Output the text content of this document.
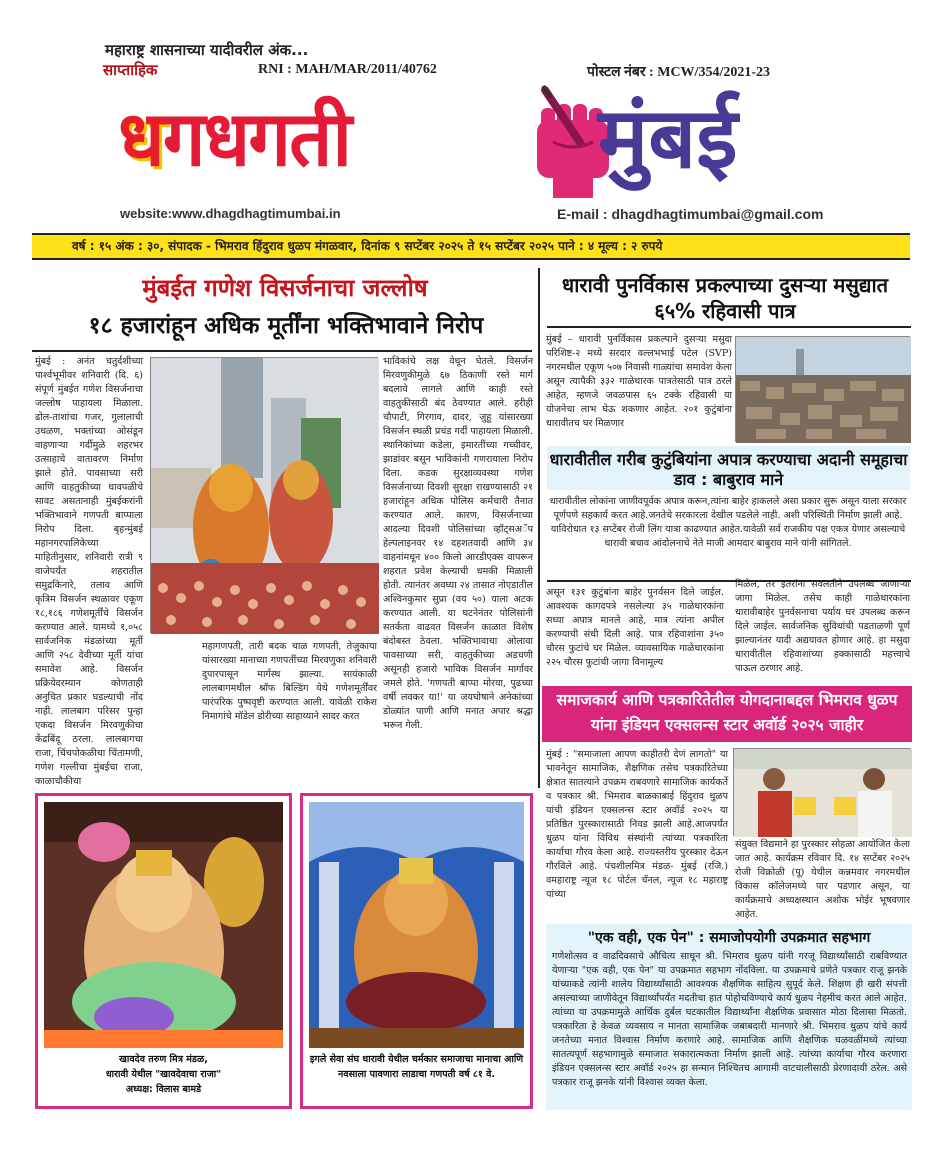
महाराष्ट्र शासनाच्या यादीवरील अंक...
साप्ताहिक	RNI : MAH/MAR/2011/40762	पोस्टल नंबर : MCW/354/2021-23
धगधगती	मुंबई
website:www.dhagdhagtimumbai.in	E-mail : dhagdhagtimumbai@gmail.com
वर्ष : १५ अंक : ३०, संपादक - भिमराव हिंदुराव धुळप मंगळवार, दिनांक ९ सप्टेंबर २०२५ ते १५ सप्टेंबर २०२५ पाने : ४ मूल्य : २ रुपये
मुंबईत गणेश विसर्जनाचा जल्लोष
१८ हजारांहून अधिक मूर्तींना भक्तिभावाने निरोप
मुंबई : अनंत चतुर्दशीच्या पार्श्वभूमीवर शनिवारी (दि. ६) संपूर्ण मुंबईत गणेश विसर्जनाचा जल्लोष पाहायला मिळाला. ढोल-ताशांचा गजर, गुलालाची उधळण, भक्तांच्या ओसंडून वाहणाऱ्या गर्दीमुळे शहरभर उत्साहाचे वातावरण निर्माण झाले होते. पावसाच्या सरी आणि वाहतुकीच्या धावपळीचे सावट असतानाही मुंबईकरांनी भक्तिभावाने गणपती बाप्पाला निरोप दिला. बृहन्मुंबई महानगरपालिकेच्या माहितीनुसार, शनिवारी रात्री ९ वाजेपर्यंत शहरातील समुद्रकिनारे, तलाव आणि कृत्रिम विसर्जन स्थळावर एकूण १८,१८६ गणेशमूर्तींचे विसर्जन करण्यात आले. यामध्ये १,०५८ सार्वजनिक मंडळांच्या मूर्ती आणि २५८ देवीच्या मूर्ती यांचा समावेश आहे. विसर्जन प्रक्रियेदरम्यान कोणताही अनुचित प्रकार घडल्याची नोंद नाही. लालबाग परिसर पुन्हा एकदा विसर्जन मिरवणुकीचा केंद्रबिंदू ठरला. लालबागचा राजा, चिंचपोकळीचा चिंतामणी, गणेश गल्लीचा मुंबईचा राजा, काळाचौकीचा
महागणपती, तारी बदक चाळ गणपती, तेजुकाया यांसारख्या मानाच्या गणपतींच्या मिरवणुका शनिवारी दुपारपासून मार्गस्थ झाल्या. सायंकाळी लालबागमधील श्रॉफ बिल्डिंग येथे गणेशमूर्तींवर पारंपरिक पुष्पवृष्टी करण्यात आली. यावेळी राकेश निमागांचे मॉडेल डोरीच्या साहाय्याने सादर करत
भाविकांचे लक्ष वेधून घेतले. विसर्जन मिरवणुकीमुळे ६७ ठिकाणी रस्ते मार्ग बदलावे लागले आणि काही रस्ते वाहतुकीसाठी बंद ठेवण्यात आले. हरीही चौपाटी, गिरगाव, दादर, जुहू यांसारख्या विसर्जन स्थळी प्रचंड गर्दी पाहायला मिळाली. स्थानिकांच्या कडेला, इमारतींच्या गच्चीवर, झाडांवर बसून भाविकांनी गणरायाला निरोप दिला. कडक सुरक्षाव्यवस्था गणेश विसर्जनाच्या दिवशी सुरक्षा राखण्यासाठी २१ हजारांहून अधिक पोलिस कर्मचारी तैनात करण्यात आले. कारण, विसर्जनाच्या आदल्या दिवशी पोलिसांच्या व्हॉट्सअॅप हेल्पलाइनवर १४ दहशतवादी आणि ३४ वाहनांमधून ४०० किलो आरडीएक्स वापरून शहरात प्रवेश केल्याची धमकी मिळाली होती. त्यानंतर अवघ्या २४ तासात नोएडातील अश्विनकुमार सुप्रा (वय ५०) याला अटक करण्यात आली. या घटनेनंतर पोलिसांनी सतर्कता वाढवत विसर्जन काळात विशेष बंदोबस्त ठेवला. भक्तिभावाचा ओलावा पावसाच्या सरी, वाहतुकीच्या अडचणी असूनही हजारो भाविक विसर्जन मार्गावर जमले होते. 'गणपती बाप्पा मोरया, पुढच्या वर्षी लवकर या!' या जयघोषाने अनेकांच्या डोळ्यांत पाणी आणि मनात अपार श्रद्धा भरून गेली.
खावदेव तरुण मित्र मंडळ,
धारावी येथील "खावदेवाचा राजा"
अध्यक्ष: विलास बामडे
इगले सेवा संघ धारावी येथील चर्मकार समाजाचा मानाचा आणि नवसाला पावणारा लाडाचा गणपती वर्ष ८१ वे.
धारावी पुनर्विकास प्रकल्पाच्या दुसऱ्या मसुद्यात ६५% रहिवासी पात्र
मुंबई – धारावी पुनर्विकास प्रकल्पाने दुसऱ्या मसुदा परिशिष्ट-२ मध्ये सरदार वल्लभभाई पटेल (SVP) नगरमधील एकूण ५०७ निवासी गाळ्यांचा समावेश केला असून त्यापैकी ३३२ गाळेधारक पात्रतेसाठी पात्र ठरले आहेत, म्हणजे जवळपास ६५ टक्के रहिवासी या योजनेचा लाभ घेऊ शकणार आहेत. २०१ कुटुंबांना धारावीतच घर मिळणार
धारावीतील गरीब कुटुंबियांना अपात्र करण्याचा अदानी समूहाचा डाव : बाबुराव माने
धारावीतील लोकांना जाणीवपूर्वक अपात्र करून,त्यांना बाहेर हाकलले असा प्रकार सुरू असून याला सरकार पूर्णपणे सहकार्य करत आहे.जनतेचे सरकारला देखील पडलेले नाही. अशी परिस्थिती निर्माण झाली आहे. याविरोधात १३ सप्टेंबर रोजी लिंग यात्रा काढण्यात आहेत.यावेळी सर्व राजकीय पक्ष एकत्र येणार असल्याचे धारावी बचाव आंदोलनाचे नेते माजी आमदार बाबुराव माने यांनी सांगितले.
असून १३१ कुटुंबांना बाहेर पुनर्वसन दिले जाईल. आवश्यक कागदपत्रे नसलेल्या ३५ गाळेधारकांना सध्या अपात्र मानले आहे, मात्र त्यांना अपील करण्याची संधी दिली आहे. पात्र रहिवाशांना ३५० चौरस फुटांचे घर मिळेल. व्यावसायिक गाळेधारकांना २२५ चौरस फुटांची जागा विनामूल्य
मिळेल, तर इतरांना सवलतीने उपलब्ध जाणाऱ्या जागा मिळेल. तसेच काही गाळेधारकांना धारावीबाहेर पुनर्वसनाचा पर्याय घर उपलब्ध करून दिले जाईल. सार्वजनिक सुविधांची पडताळणी पूर्ण झाल्यानंतर यादी अद्ययावत होणार आहे. हा मसुदा धारावीतील रहिवाशांच्या हक्कासाठी महत्त्वाचे पाऊल ठरणार आहे.
समाजकार्य आणि पत्रकारितेतील योगदानाबद्दल भिमराव धुळप यांना इंडियन एक्सलन्स स्टार अवॉर्ड २०२५ जाहीर
मुंबई : "समाजाला आपण काहीतरी देणं लागतो" या भावनेतून सामाजिक, शैक्षणिक तसेच पत्रकारितेच्या क्षेत्रात सातत्याने उपक्रम राबवणारे सामाजिक कार्यकर्ते व पत्रकार श्री. भिमराव बाळकाबाई हिंदुराव धुळप यांची इंडियन एक्सलन्स स्टार अवॉर्ड २०२५ या प्रतिष्ठित पुरस्कारासाठी निवड झाली आहे.आजपर्यंत धुळप यांना विविध संस्थांनी त्यांच्या पत्रकारिता कार्याचा गौरव केला आहे. राज्यस्तरीय पुरस्कार देऊन गौरविले आहे. पंचशीलमित्र मंडळ- मुंबई (रजि.) वमहाराष्ट्र न्यूज १८ पोर्टल चॅनल, न्यूज १८ महाराष्ट्र यांच्या
संयुक्त विद्यमाने हा पुरस्कार सोहळा आयोजित केला जात आहे. कार्यक्रम रविवार दि. १४ सप्टेंबर २०२५ रोजी विक्रोळी (पू) येथील कन्नमवार नगरमधील विकास कॉलेजमध्ये पार पडणार असून, या कार्यक्रमाचे अध्यक्षस्थान अशोक भोईर भूषवणार आहेत.
"एक वही, एक पेन" : समाजोपयोगी उपक्रमात सहभाग
गणेशोत्सव व वाढदिवसाचे औचित्य साधून श्री. भिमराव धुळप यांनी गरजू विद्यार्थ्यांसाठी राबविण्यात येणाऱ्या "एक वही, एक पेन" या उपक्रमात सहभाग नोंदविला. या उपक्रमाचे प्रणेते पत्रकार राजू झनके यांच्याकडे त्यांनी शालेय विद्यार्थ्यांसाठी आवश्यक शैक्षणिक साहित्य सुपूर्द केले. शिक्षण ही खरी संपत्ती असल्याच्या जाणीवेतून विद्यार्थ्यांपर्यंत मदतीचा हात पोहोचविण्याचे कार्य धुळप नेहमीच करत आले आहेत. त्यांच्या या उपक्रमामुळे आर्थिक दुर्बल घटकातील विद्यार्थ्यांना शैक्षणिक प्रवासात मोठा दिलासा मिळतो. पत्रकारिता हे केवळ व्यवसाय न मानता सामाजिक जबाबदारी मानणारे श्री. भिमराव धुळप यांचे कार्य जनतेच्या मनात विश्वास निर्माण करणारे आहे. सामाजिक आणि शैक्षणिक चळवळींमध्ये त्यांच्या सातत्यपूर्ण सहभागामुळे समाजात सकारात्मकता निर्माण झाली आहे. त्यांच्या कार्याचा गौरव करणारा इंडियन एक्सलन्स स्टार अवॉर्ड २०२५ हा सन्मान निश्चितच आगामी वाटचालीसाठी प्रेरणादायी ठरेल. असे पत्रकार राजू झनके यांनी विश्वास व्यक्त केला.
